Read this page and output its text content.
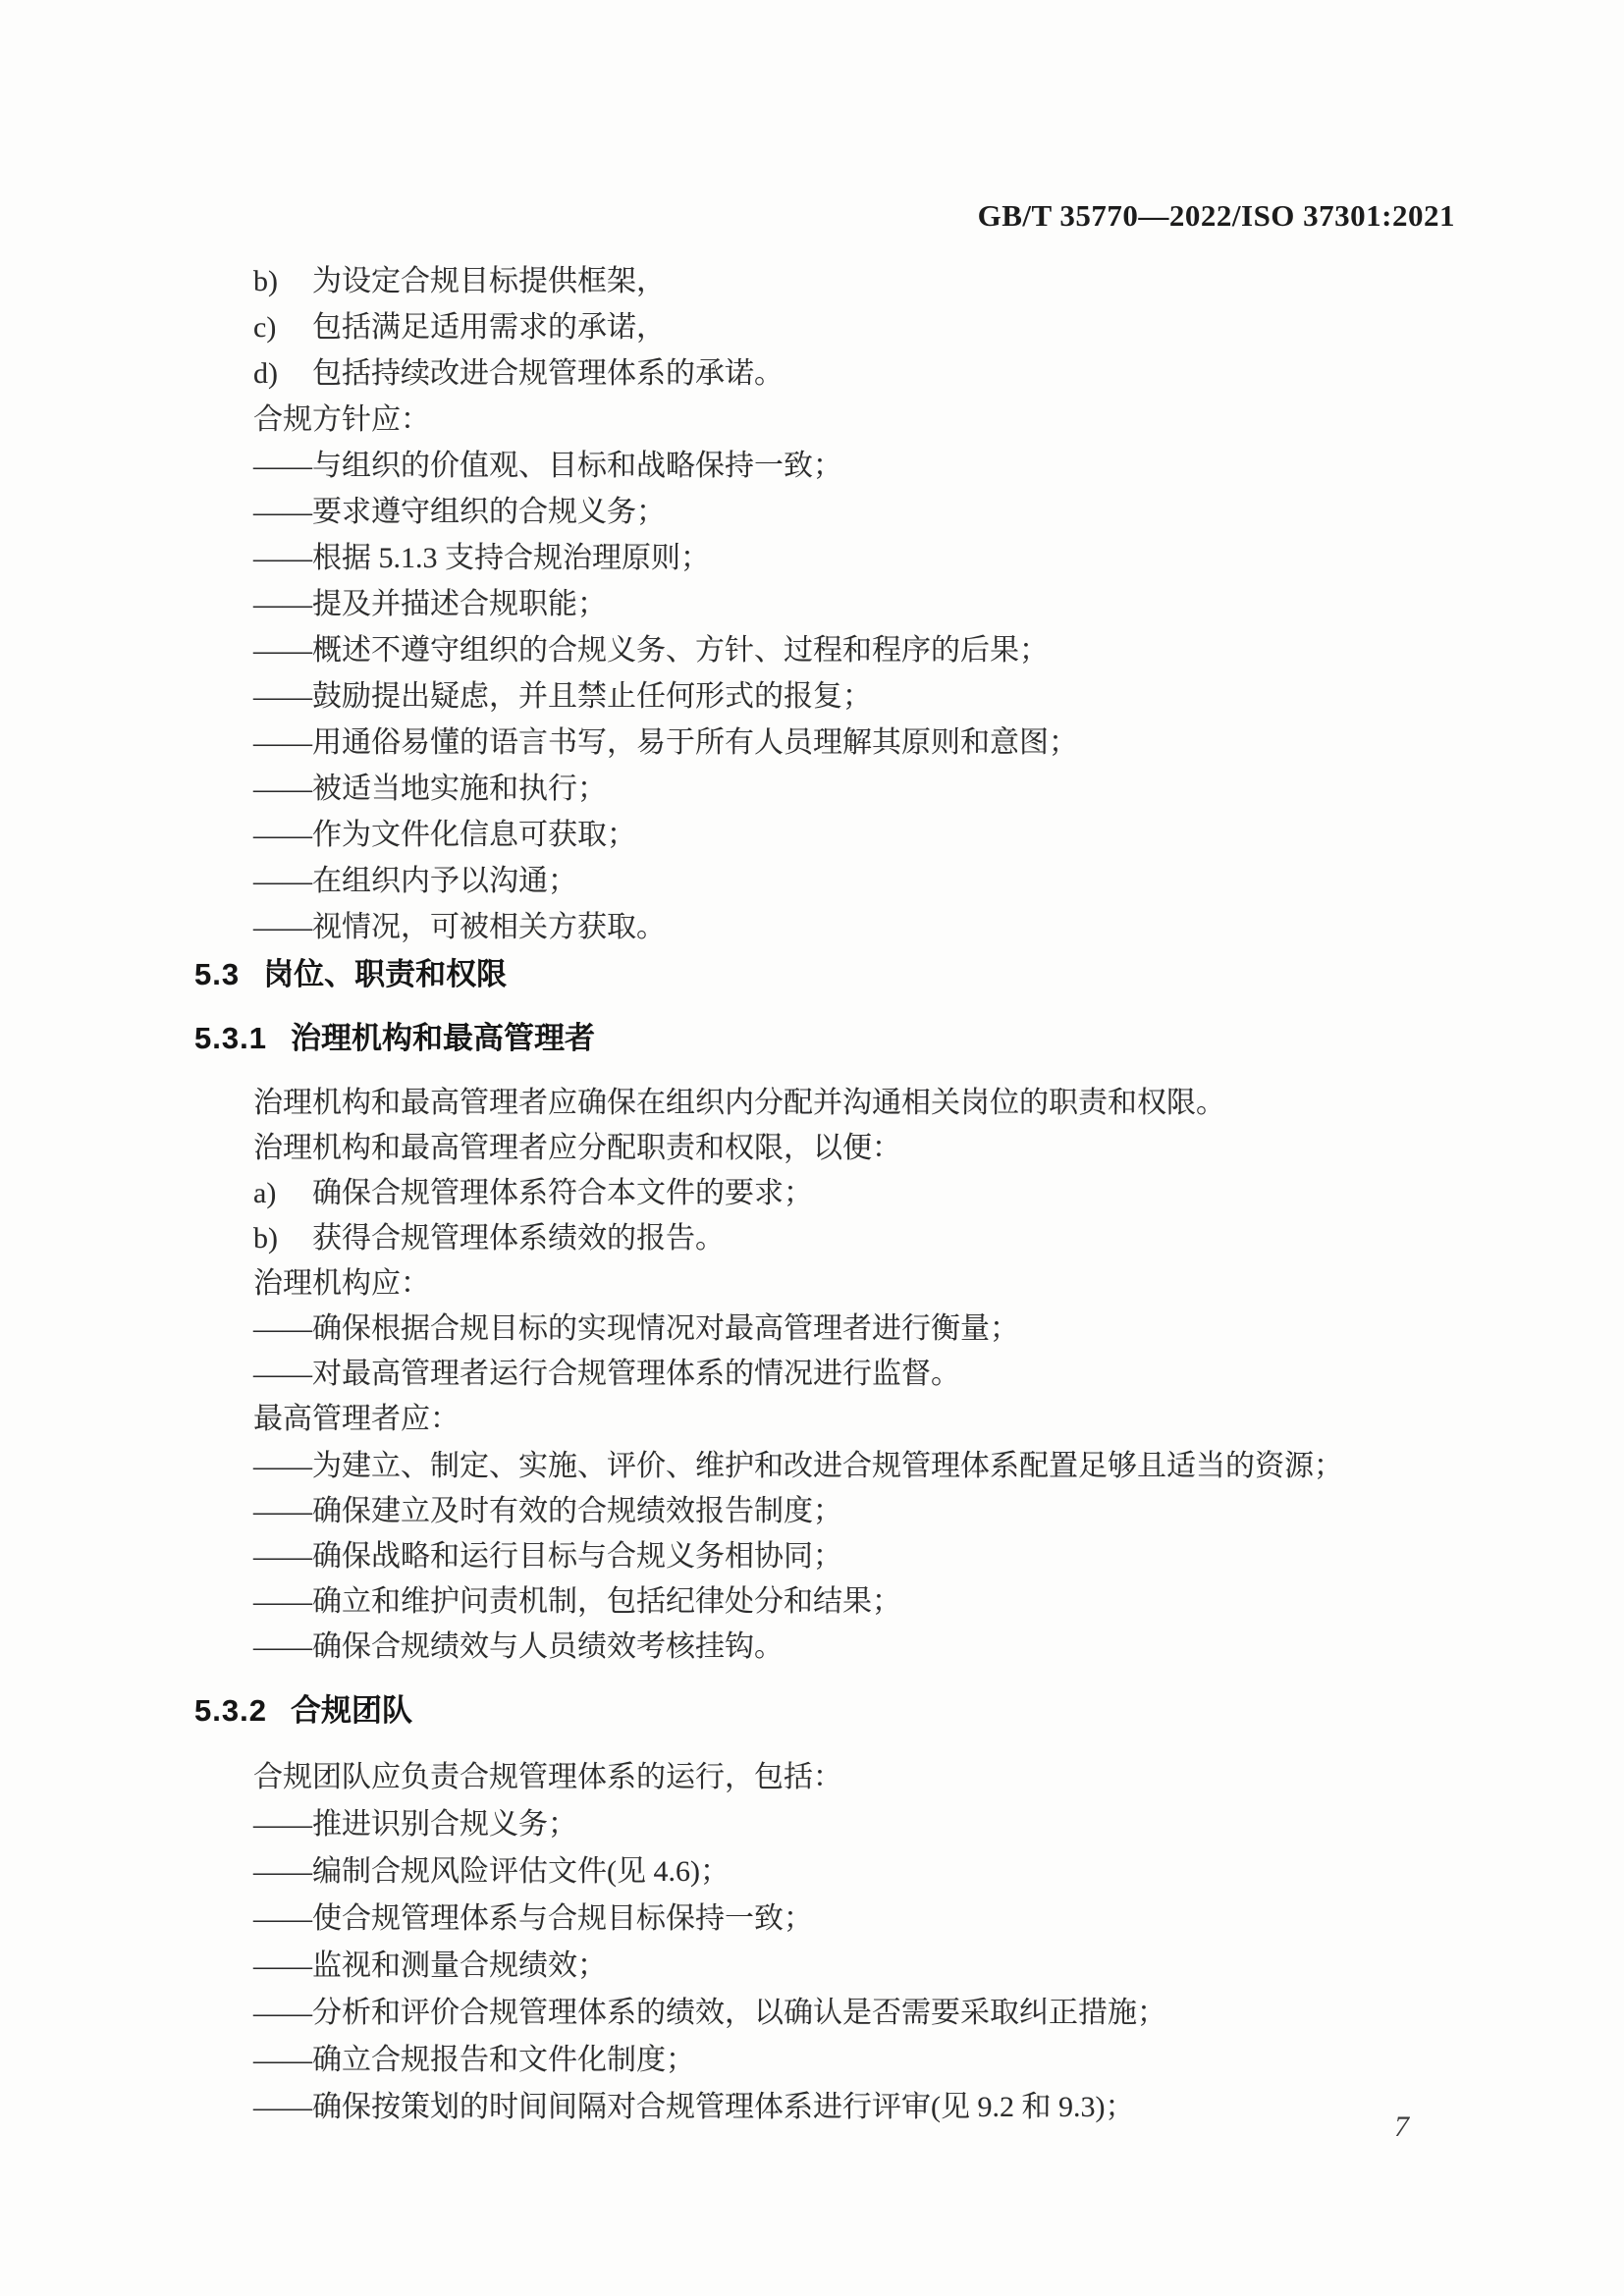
GB/T 35770—2022/ISO 37301:2021
b) 为设定合规目标提供框架，
c) 包括满足适用需求的承诺，
d) 包括持续改进合规管理体系的承诺。
合规方针应：
——与组织的价值观、目标和战略保持一致；
——要求遵守组织的合规义务；
——根据 5.1.3 支持合规治理原则；
——提及并描述合规职能；
——概述不遵守组织的合规义务、方针、过程和程序的后果；
——鼓励提出疑虑，并且禁止任何形式的报复；
——用通俗易懂的语言书写，易于所有人员理解其原则和意图；
——被适当地实施和执行；
——作为文件化信息可获取；
——在组织内予以沟通；
——视情况，可被相关方获取。
5.3 岗位、职责和权限
5.3.1 治理机构和最高管理者
治理机构和最高管理者应确保在组织内分配并沟通相关岗位的职责和权限。
治理机构和最高管理者应分配职责和权限，以便：
a) 确保合规管理体系符合本文件的要求；
b) 获得合规管理体系绩效的报告。
治理机构应：
——确保根据合规目标的实现情况对最高管理者进行衡量；
——对最高管理者运行合规管理体系的情况进行监督。
最高管理者应：
——为建立、制定、实施、评价、维护和改进合规管理体系配置足够且适当的资源；
——确保建立及时有效的合规绩效报告制度；
——确保战略和运行目标与合规义务相协同；
——确立和维护问责机制，包括纪律处分和结果；
——确保合规绩效与人员绩效考核挂钩。
5.3.2 合规团队
合规团队应负责合规管理体系的运行，包括：
——推进识别合规义务；
——编制合规风险评估文件(见 4.6)；
——使合规管理体系与合规目标保持一致；
——监视和测量合规绩效；
——分析和评价合规管理体系的绩效，以确认是否需要采取纠正措施；
——确立合规报告和文件化制度；
——确保按策划的时间间隔对合规管理体系进行评审(见 9.2 和 9.3)；
7
